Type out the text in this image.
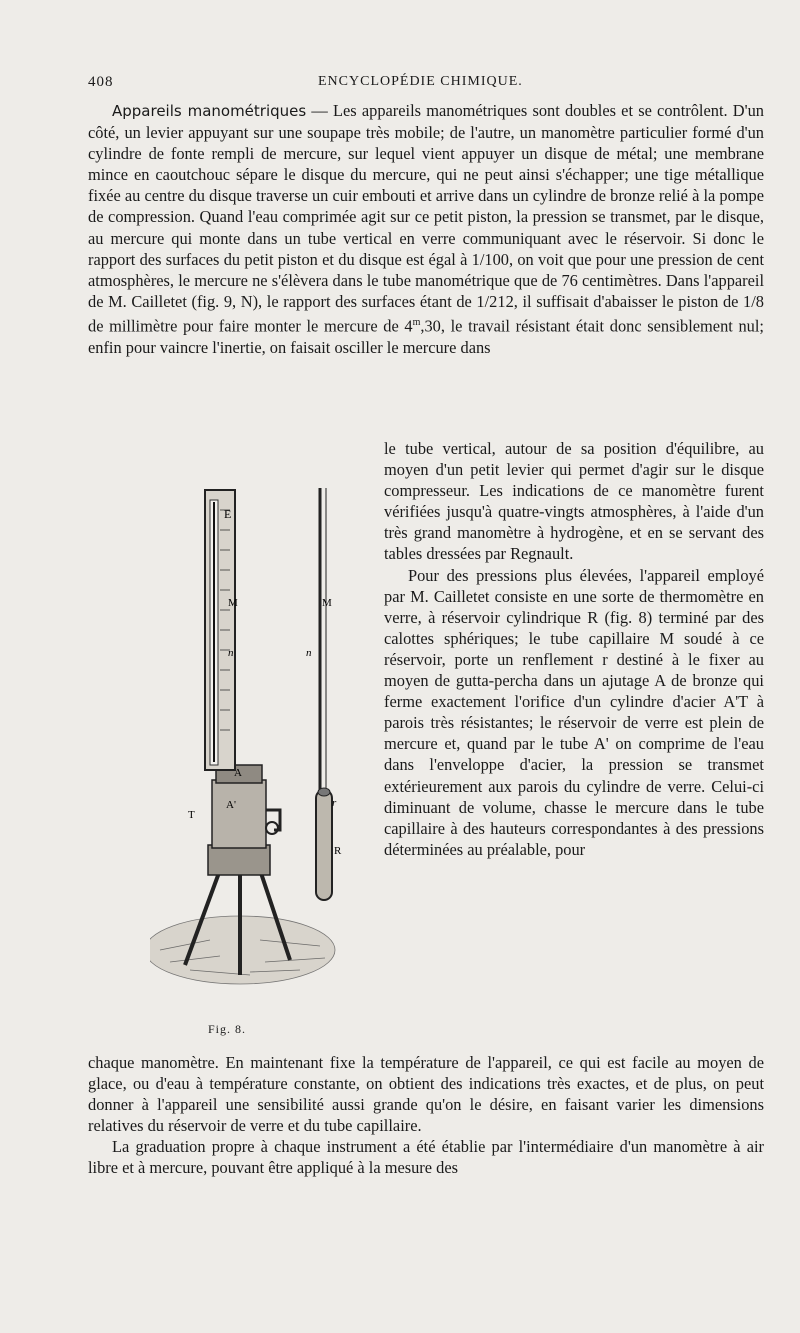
408	ENCYCLOPÉDIE CHIMIQUE.

Appareils manométriques — Les appareils manométriques sont doubles et se contrôlent. D'un côté, un levier appuyant sur une soupape très mobile; de l'autre, un manomètre particulier formé d'un cylindre de fonte rempli de mercure, sur lequel vient appuyer un disque de métal; une membrane mince en caoutchouc sépare le disque du mercure, qui ne peut ainsi s'échapper; une tige métallique fixée au centre du disque traverse un cuir embouti et arrive dans un cylindre de bronze relié à la pompe de compression. Quand l'eau comprimée agit sur ce petit piston, la pression se transmet, par le disque, au mercure qui monte dans un tube vertical en verre communiquant avec le réservoir. Si donc le rapport des surfaces du petit piston et du disque est égal à 1/100, on voit que pour une pression de cent atmosphères, le mercure ne s'élèvera dans le tube manométrique que de 76 centimètres. Dans l'appareil de M. Cailletet (fig. 9, N), le rapport des surfaces étant de 1/212, il suffisait d'abaisser le piston de 1/8 de millimètre pour faire monter le mercure de 4$^m$,30, le travail résistant était donc sensiblement nul; enfin pour vaincre l'inertie, on faisait osciller le mercure dans

E
M	M
n	n
A
A'
T
r
R
Fig. 8.

le tube vertical, autour de sa position d'équilibre, au moyen d'un petit levier qui permet d'agir sur le disque compresseur. Les indications de ce manomètre furent vérifiées jusqu'à quatre-vingts atmosphères, à l'aide d'un très grand manomètre à hydrogène, et en se servant des tables dressées par Regnault.

Pour des pressions plus élevées, l'appareil employé par M. Cailletet consiste en une sorte de thermomètre en verre, à réservoir cylindrique R (fig. 8) terminé par des calottes sphériques; le tube capillaire M soudé à ce réservoir, porte un renflement r destiné à le fixer au moyen de gutta-percha dans un ajutage A de bronze qui ferme exactement l'orifice d'un cylindre d'acier A'T à parois très résistantes; le réservoir de verre est plein de mercure et, quand par le tube A' on comprime de l'eau dans l'enveloppe d'acier, la pression se transmet extérieurement aux parois du cylindre de verre. Celui-ci diminuant de volume, chasse le mercure dans le tube capillaire à des hauteurs correspondantes à des pressions déterminées au préalable, pour

chaque manomètre. En maintenant fixe la température de l'appareil, ce qui est facile au moyen de glace, ou d'eau à température constante, on obtient des indications très exactes, et de plus, on peut donner à l'appareil une sensibilité aussi grande qu'on le désire, en faisant varier les dimensions relatives du réservoir de verre et du tube capillaire.

La graduation propre à chaque instrument a été établie par l'intermédiaire d'un manomètre à air libre et à mercure, pouvant être appliqué à la mesure des
